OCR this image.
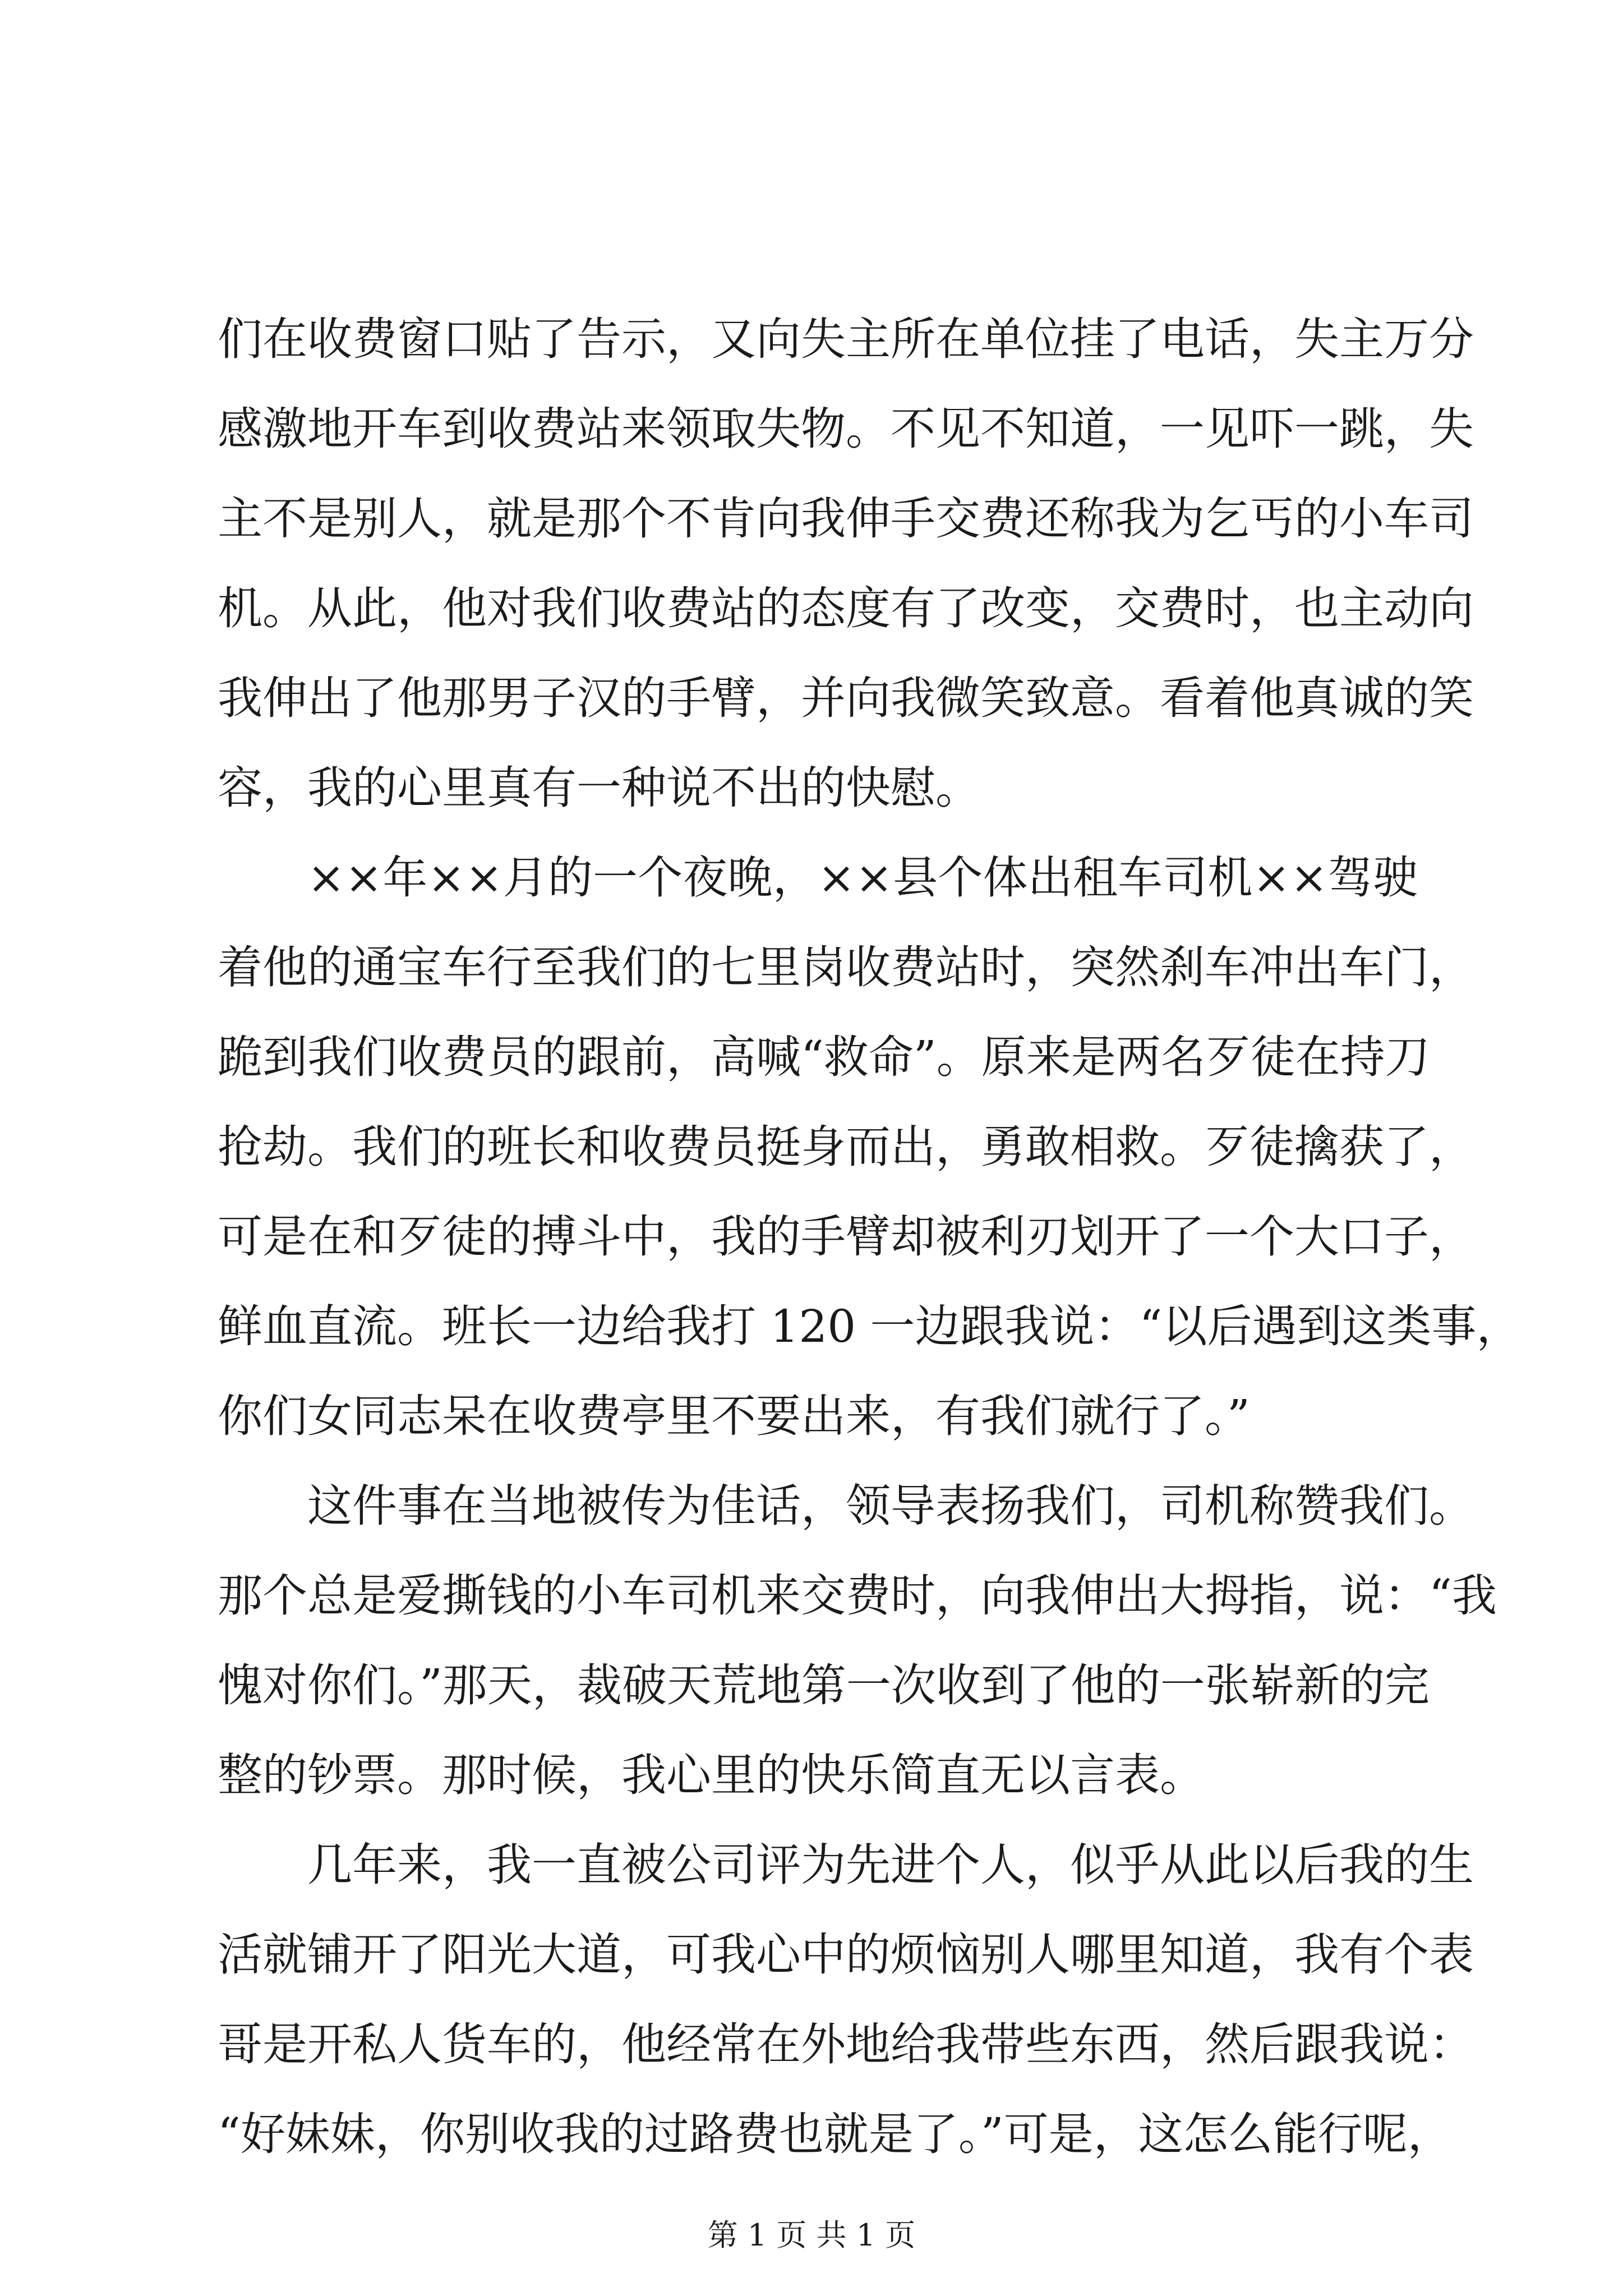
们在收费窗口贴了告示，又向失主所在单位挂了电话，失主万分
感激地开车到收费站来领取失物。不见不知道，一见吓一跳，失
主不是别人，就是那个不肯向我伸手交费还称我为乞丐的小车司
机。从此，他对我们收费站的态度有了改变，交费时，也主动向
我伸出了他那男子汉的手臂，并向我微笑致意。看着他真诚的笑
容，我的心里真有一种说不出的快慰。
××年××月的一个夜晚，××县个体出租车司机××驾驶
着他的通宝车行至我们的七里岗收费站时，突然刹车冲出车门，
跪到我们收费员的跟前，高喊“救命”。原来是两名歹徒在持刀
抢劫。我们的班长和收费员挺身而出，勇敢相救。歹徒擒获了，
可是在和歹徒的搏斗中，我的手臂却被利刃划开了一个大口子，
鲜血直流。班长一边给我打 120 一边跟我说：“以后遇到这类事，
你们女同志呆在收费亭里不要出来，有我们就行了。”
这件事在当地被传为佳话，领导表扬我们，司机称赞我们。
那个总是爱撕钱的小车司机来交费时，向我伸出大拇指，说：“我
愧对你们。”那天，裁破天荒地第一次收到了他的一张崭新的完
整的钞票。那时候，我心里的快乐简直无以言表。
几年来，我一直被公司评为先进个人，似乎从此以后我的生
活就铺开了阳光大道，可我心中的烦恼别人哪里知道，我有个表
哥是开私人货车的，他经常在外地给我带些东西，然后跟我说：
“好妹妹，你别收我的过路费也就是了。”可是，这怎么能行呢，
第 1 页 共 1 页
